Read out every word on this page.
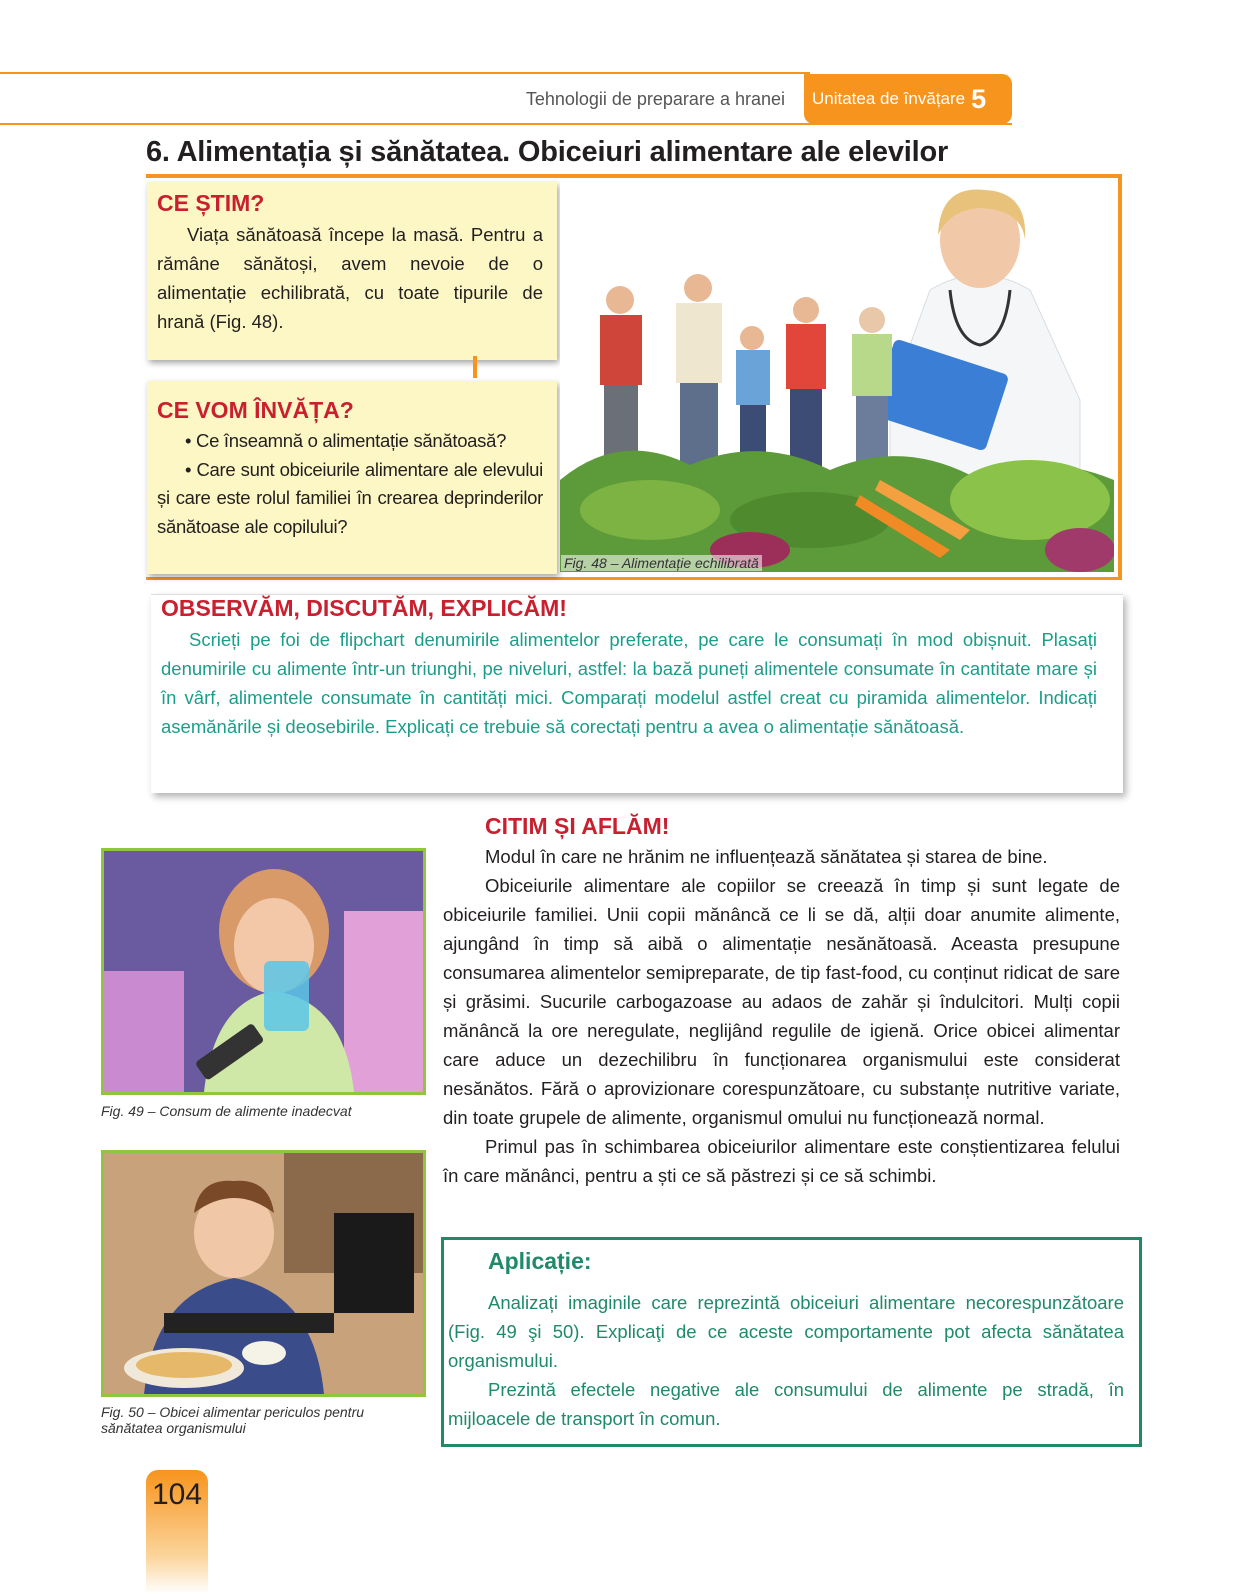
Tehnologii de preparare a hranei Unitatea de învățare 5
6. Alimentația și sănătatea. Obiceiuri alimentare ale elevilor
CE ȘTIM?
Viața sănătoasă începe la masă. Pentru a rămâne sănătoși, avem nevoie de o alimentație echilibrată, cu toate tipurile de hrană (Fig. 48).
CE VOM ÎNVĂȚA?
• Ce înseamnă o alimentație sănătoasă?
• Care sunt obiceiurile alimentare ale elevului și care este rolul familiei în crearea deprinderilor sănătoase ale copilului?
Fig. 48 – Alimentație echilibrată
OBSERVĂM, DISCUTĂM, EXPLICĂM!
Scrieți pe foi de flipchart denumirile alimentelor preferate, pe care le consumați în mod obișnuit. Plasați denumirile cu alimente într-un triunghi, pe niveluri, astfel: la bază puneți alimentele consumate în cantitate mare și în vârf, alimentele consumate în cantități mici. Comparați modelul astfel creat cu piramida alimentelor. Indicați asemănările și deosebirile. Explicați ce trebuie să corectați pentru a avea o alimentație sănătoasă.
CITIM ȘI AFLĂM!
Modul în care ne hrănim ne influențează sănătatea și starea de bine.
Obiceiurile alimentare ale copiilor se creează în timp și sunt legate de obiceiurile familiei. Unii copii mănâncă ce li se dă, alții doar anumite alimente, ajungând în timp să aibă o alimentație nesănătoasă. Aceasta presupune consumarea alimentelor semipreparate, de tip fast-food, cu conținut ridicat de sare și grăsimi. Sucurile carbogazoase au adaos de zahăr și îndulcitori. Mulți copii mănâncă la ore neregulate, neglijând regulile de igienă. Orice obicei alimentar care aduce un dezechilibru în funcționarea organismului este considerat nesănătos. Fără o aprovizionare corespunzătoare, cu substanțe nutritive variate, din toate grupele de alimente, organismul omului nu funcționează normal.
Primul pas în schimbarea obiceiurilor alimentare este conștientizarea felului în care mănânci, pentru a ști ce să păstrezi și ce să schimbi.
Fig. 49 – Consum de alimente inadecvat
Fig. 50 – Obicei alimentar periculos pentru
sănătatea organismului
Aplicație:
Analizați imaginile care reprezintă obiceiuri alimentare necorespunzătoare (Fig. 49 şi 50). Explicaţi de ce aceste comportamente pot afecta sănătatea organismului.
Prezintă efectele negative ale consumului de alimente pe stradă, în mijloacele de transport în comun.
104
